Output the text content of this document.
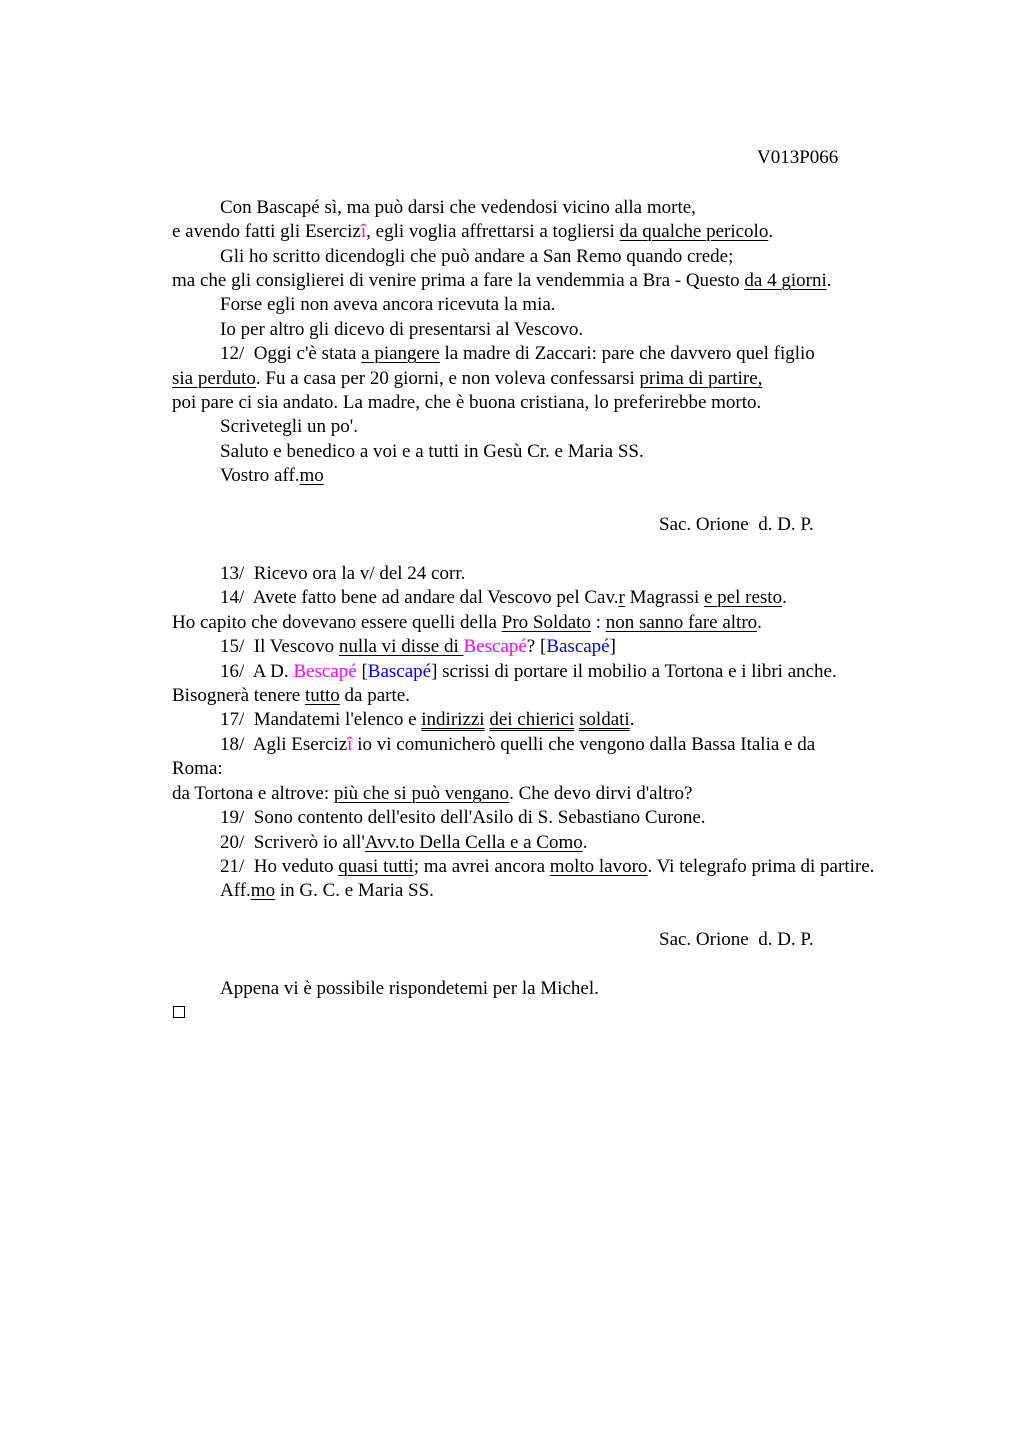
V013P066
Con Bascapé sì, ma può darsi che vedendosi vicino alla morte,
e avendo fatti gli Esercizî, egli voglia affrettarsi a togliersi da qualche pericolo.
Gli ho scritto dicendogli che può andare a San Remo quando crede;
ma che gli consiglierei di venire prima a fare la vendemmia a Bra - Questo da 4 giorni.
Forse egli non aveva ancora ricevuta la mia.
Io per altro gli dicevo di presentarsi al Vescovo.
12/  Oggi c'è stata a piangere la madre di Zaccari: pare che davvero quel figlio
sia perduto. Fu a casa per 20 giorni, e non voleva confessarsi prima di partire,
poi pare ci sia andato. La madre, che è buona cristiana, lo preferirebbe morto.
Scrivetegli un po'.
Saluto e benedico a voi e a tutti in Gesù Cr. e Maria SS.
Vostro aff.mo
Sac. Orione  d. D. P.
13/  Ricevo ora la v/ del 24 corr.
14/  Avete fatto bene ad andare dal Vescovo pel Cav.r Magrassi e pel resto.
Ho capito che dovevano essere quelli della Pro Soldato : non sanno fare altro.
15/  Il Vescovo nulla vi disse di Bescapé? [Bascapé]
16/  A D. Bescapé [Bascapé] scrissi di portare il mobilio a Tortona e i libri anche.
Bisognerà tenere tutto da parte.
17/  Mandatemi l'elenco e indirizzi dei chierici soldati.
18/  Agli Esercizî io vi comunicherò quelli che vengono dalla Bassa Italia e da
Roma:
da Tortona e altrove: più che si può vengano. Che devo dirvi d'altro?
19/  Sono contento dell'esito dell'Asilo di S. Sebastiano Curone.
20/  Scriverò io all'Avv.to Della Cella e a Como.
21/  Ho veduto quasi tutti; ma avrei ancora molto lavoro. Vi telegrafo prima di partire.
Aff.mo in G. C. e Maria SS.
Sac. Orione  d. D. P.
Appena vi è possibile rispondetemi per la Michel.
